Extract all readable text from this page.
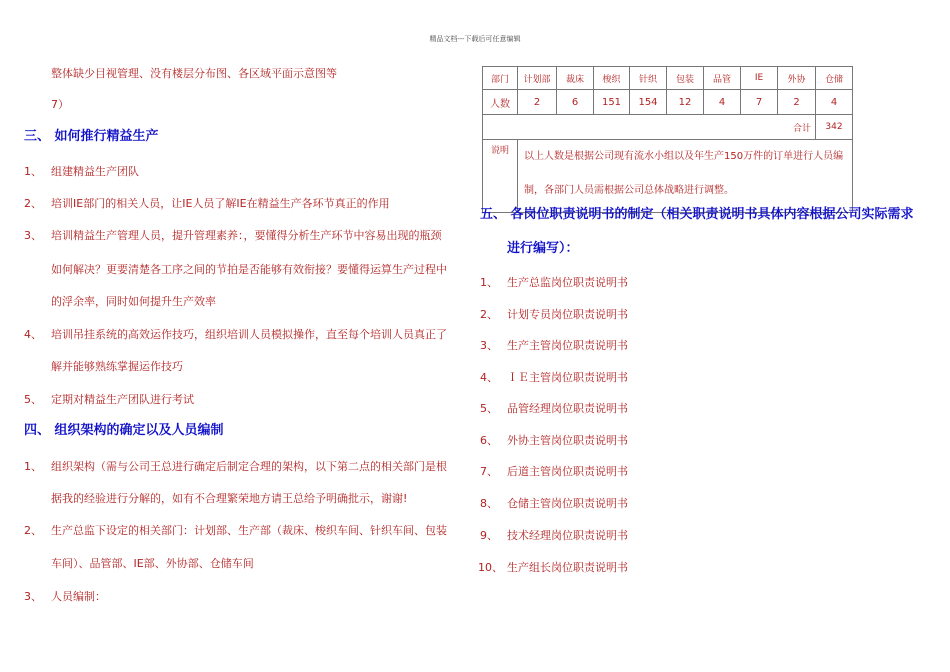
精品文档---下载后可任意编辑
整体缺少目视管理、没有楼层分布图、各区域平面示意图等
7）
三、 如何推行精益生产
1、 组建精益生产团队
2、 培训IE部门的相关人员，让IE人员了解IE在精益生产各环节真正的作用
3、 培训精益生产管理人员，提升管理素养：，要懂得分析生产环节中容易出现的瓶颈
如何解决？更要清楚各工序之间的节拍是否能够有效衔接？要懂得运算生产过程中
的浮余率，同时如何提升生产效率
4、 培训吊挂系统的高效运作技巧，组织培训人员模拟操作，直至每个培训人员真正了
解并能够熟练掌握运作技巧
5、 定期对精益生产团队进行考试
四、 组织架构的确定以及人员编制
1、 组织架构（需与公司王总进行确定后制定合理的架构，以下第二点的相关部门是根
据我的经验进行分解的，如有不合理繁荣地方请王总给予明确批示，谢谢!
2、 生产总监下设定的相关部门：计划部、生产部（裁床、梭织车间、针织车间、包装
车间）、品管部、IE部、外协部、仓储车间
3、 人员编制：
部门	计划部	裁床	梭织	针织	包装	品管	IE	外协	仓储
人数	2	6	151	154	12	4	7	2	4
合计									342
说明	以上人数是根据公司现有流水小组以及年生产150万件的订单进行人员编制，各部门人员需根据公司总体战略进行调整。								
五、 各岗位职责说明书的制定（相关职责说明书具体内容根据公司实际需求
进行编写）：
1、 生产总监岗位职责说明书
2、 计划专员岗位职责说明书
3、 生产主管岗位职责说明书
4、 ＩＥ主管岗位职责说明书
5、 品管经理岗位职责说明书
6、 外协主管岗位职责说明书
7、 后道主管岗位职责说明书
8、 仓储主管岗位职责说明书
9、 技术经理岗位职责说明书
10、 生产组长岗位职责说明书
